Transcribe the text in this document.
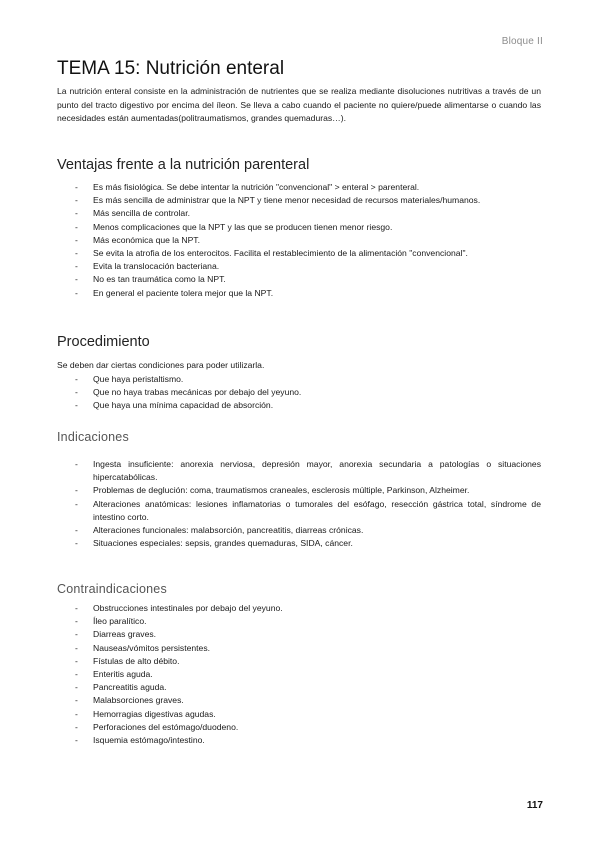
Bloque II
TEMA 15: Nutrición enteral

La nutrición enteral consiste en la administración de nutrientes que se realiza mediante disoluciones nutritivas a través de un punto del tracto digestivo por encima del íleon. Se lleva a cabo cuando el paciente no quiere/puede alimentarse o cuando las necesidades están aumentadas(politraumatismos, grandes quemaduras…).

Ventajas frente a la nutrición parenteral
- Es más fisiológica. Se debe intentar la nutrición "convencional" > enteral > parenteral.
- Es más sencilla de administrar que la NPT y tiene menor necesidad de recursos materiales/humanos.
- Más sencilla de controlar.
- Menos complicaciones que la NPT y las que se producen tienen menor riesgo.
- Más económica que la NPT.
- Se evita la atrofia de los enterocitos. Facilita el restablecimiento de la alimentación "convencional".
- Evita la translocación bacteriana.
- No es tan traumática como la NPT.
- En general el paciente tolera mejor que la NPT.
Procedimiento

Se deben dar ciertas condiciones para poder utilizarla.

- Que haya peristaltismo.
- Que no haya trabas mecánicas por debajo del yeyuno.
- Que haya una mínima capacidad de absorción.
Indicaciones
- Ingesta insuficiente: anorexia nerviosa, depresión mayor, anorexia secundaria a patologías o situaciones hipercatabólicas.
- Problemas de deglución: coma, traumatismos craneales, esclerosis múltiple, Parkinson, Alzheimer.
- Alteraciones anatómicas: lesiones inflamatorias o tumorales del esófago, resección gástrica total, síndrome de intestino corto.
- Alteraciones funcionales: malabsorción, pancreatitis, diarreas crónicas.
- Situaciones especiales: sepsis, grandes quemaduras, SIDA, cáncer.
Contraindicaciones
- Obstrucciones intestinales por debajo del yeyuno.
- Íleo paralítico.
- Diarreas graves.
- Nauseas/vómitos persistentes.
- Fístulas de alto débito.
- Enteritis aguda.
- Pancreatitis aguda.
- Malabsorciones graves.
- Hemorragias digestivas agudas.
- Perforaciones del estómago/duodeno.
- Isquemia estómago/intestino.
117
